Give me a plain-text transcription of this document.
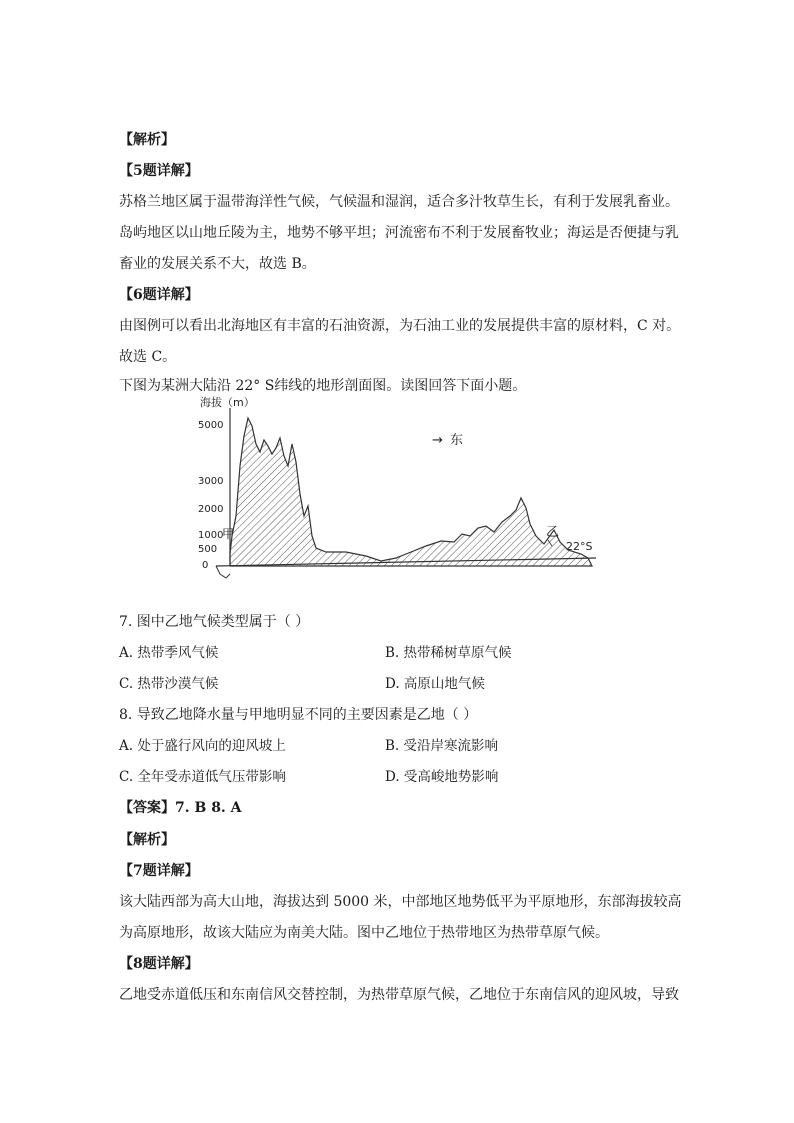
【解析】
【5题详解】
苏格兰地区属于温带海洋性气候，气候温和湿润，适合多汁牧草生长，有利于发展乳畜业。
岛屿地区以山地丘陵为主，地势不够平坦；河流密布不利于发展畜牧业；海运是否便捷与乳
畜业的发展关系不大，故选 B。
【6题详解】
由图例可以看出北海地区有丰富的石油资源，为石油工业的发展提供丰富的原材料，C 对。
故选 C。
下图为某洲大陆沿 22° S纬线的地形剖面图。读图回答下面小题。
海拔（m）
5000
3000
2000
1000
500
0
→ 东
甲	乙
22°S
7. 图中乙地气候类型属于（ ）
A. 热带季风气候	B. 热带稀树草原气候
C. 热带沙漠气候	D. 高原山地气候
8. 导致乙地降水量与甲地明显不同的主要因素是乙地（ ）
A. 处于盛行风向的迎风坡上	B. 受沿岸寒流影响
C. 全年受赤道低气压带影响	D. 受高峻地势影响
【答案】7. B 8. A
【解析】
【7题详解】
该大陆西部为高大山地，海拔达到 5000 米，中部地区地势低平为平原地形，东部海拔较高
为高原地形，故该大陆应为南美大陆。图中乙地位于热带地区为热带草原气候。
【8题详解】
乙地受赤道低压和东南信风交替控制，为热带草原气候，乙地位于东南信风的迎风坡，导致
